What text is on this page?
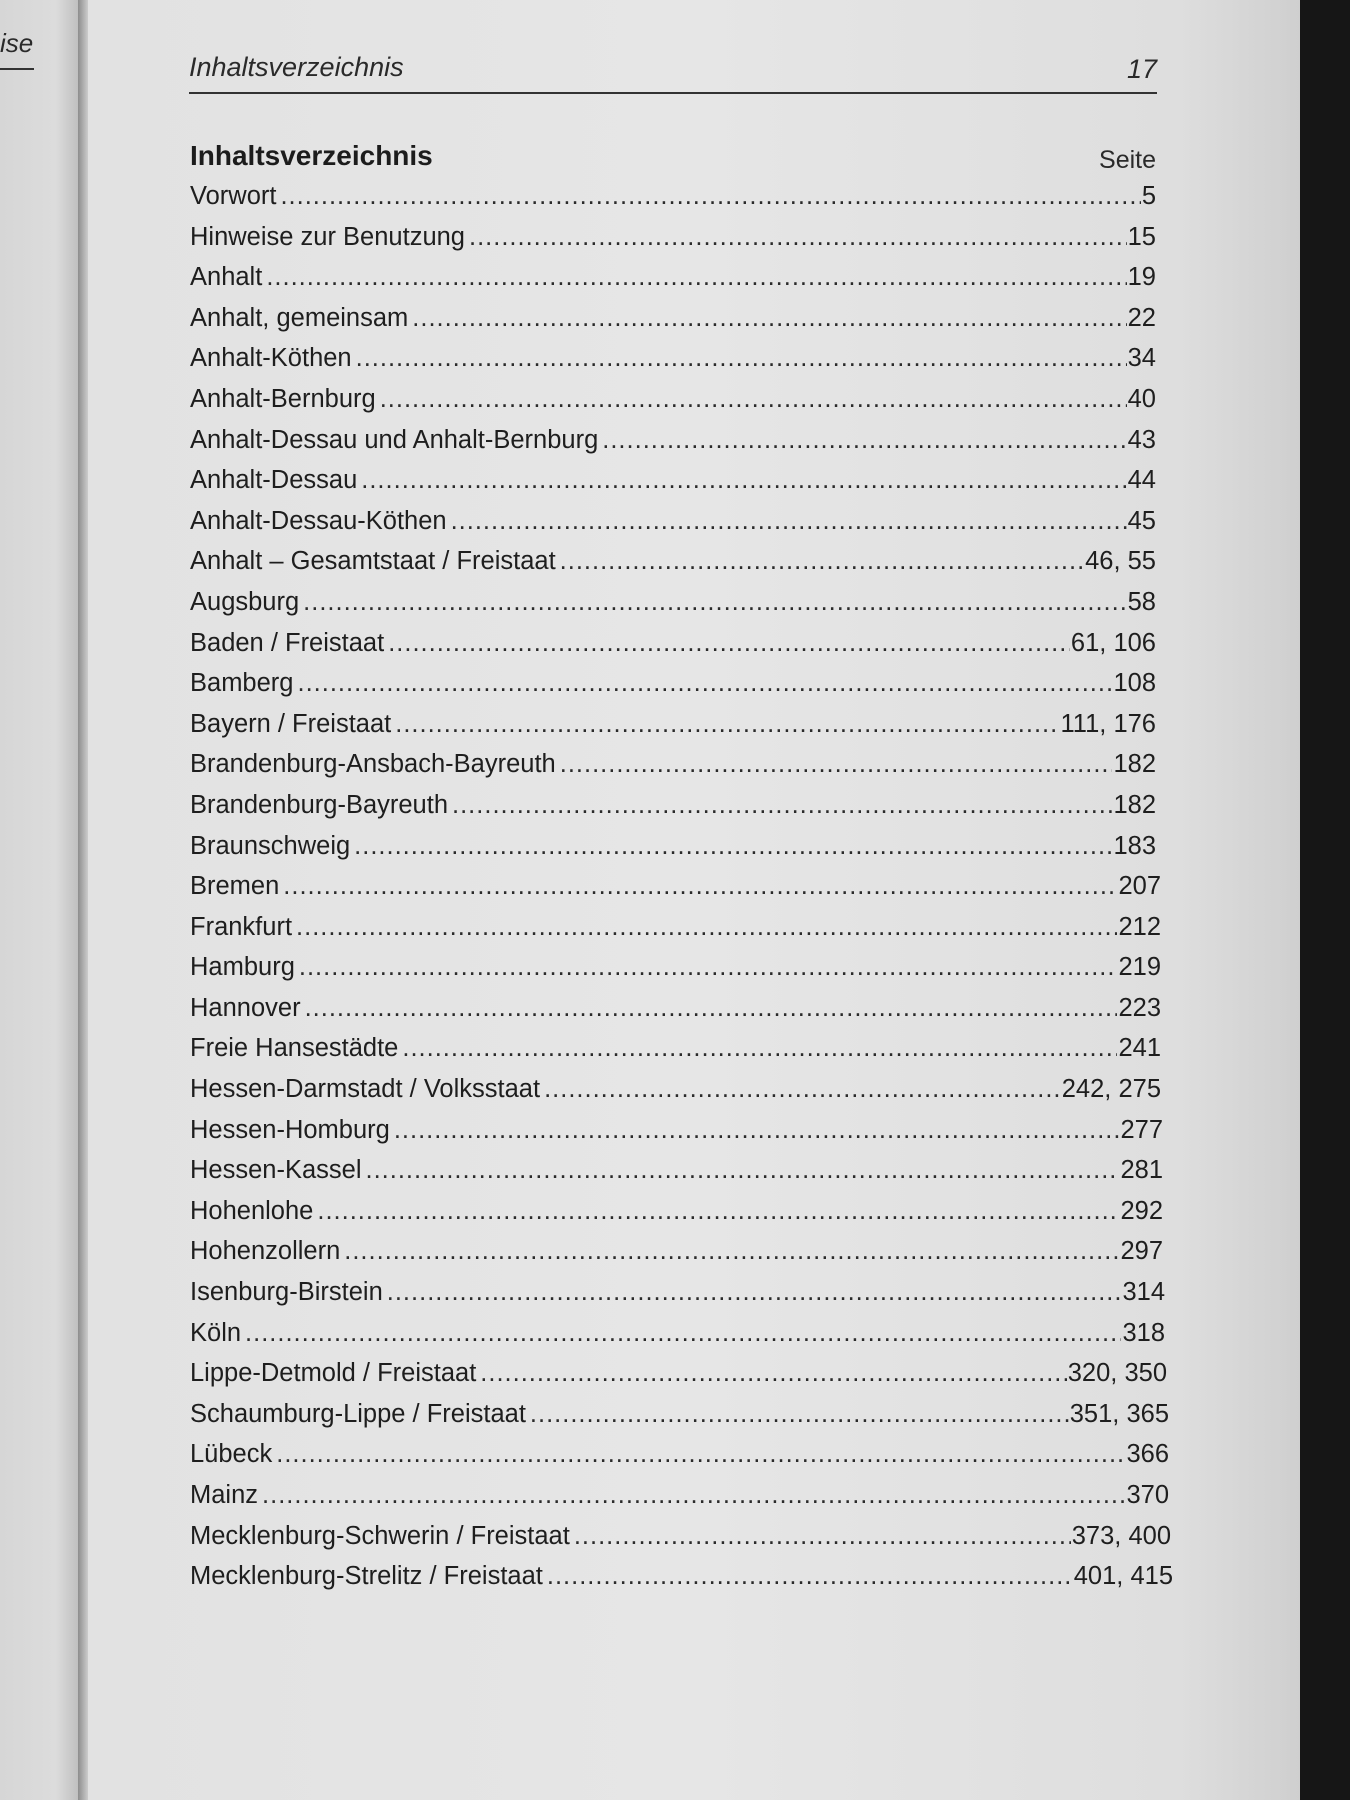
ise
Inhaltsverzeichnis	17
Inhaltsverzeichnis	Seite
Vorwort .....	5
Hinweise zur Benutzung .....	15
Anhalt .....	19
Anhalt, gemeinsam .....	22
Anhalt-Köthen .....	34
Anhalt-Bernburg .....	40
Anhalt-Dessau und Anhalt-Bernburg .....	43
Anhalt-Dessau .....	44
Anhalt-Dessau-Köthen .....	45
Anhalt – Gesamtstaat / Freistaat .....	46, 55
Augsburg .....	58
Baden / Freistaat .....	61, 106
Bamberg .....	108
Bayern / Freistaat .....	111, 176
Brandenburg-Ansbach-Bayreuth .....	182
Brandenburg-Bayreuth .....	182
Braunschweig .....	183
Bremen .....	207
Frankfurt .....	212
Hamburg .....	219
Hannover .....	223
Freie Hansestädte .....	241
Hessen-Darmstadt / Volksstaat .....	242, 275
Hessen-Homburg .....	277
Hessen-Kassel .....	281
Hohenlohe .....	292
Hohenzollern .....	297
Isenburg-Birstein .....	314
Köln .....	318
Lippe-Detmold / Freistaat .....	320, 350
Schaumburg-Lippe / Freistaat .....	351, 365
Lübeck .....	366
Mainz .....	370
Mecklenburg-Schwerin / Freistaat .....	373, 400
Mecklenburg-Strelitz / Freistaat .....	401, 415
